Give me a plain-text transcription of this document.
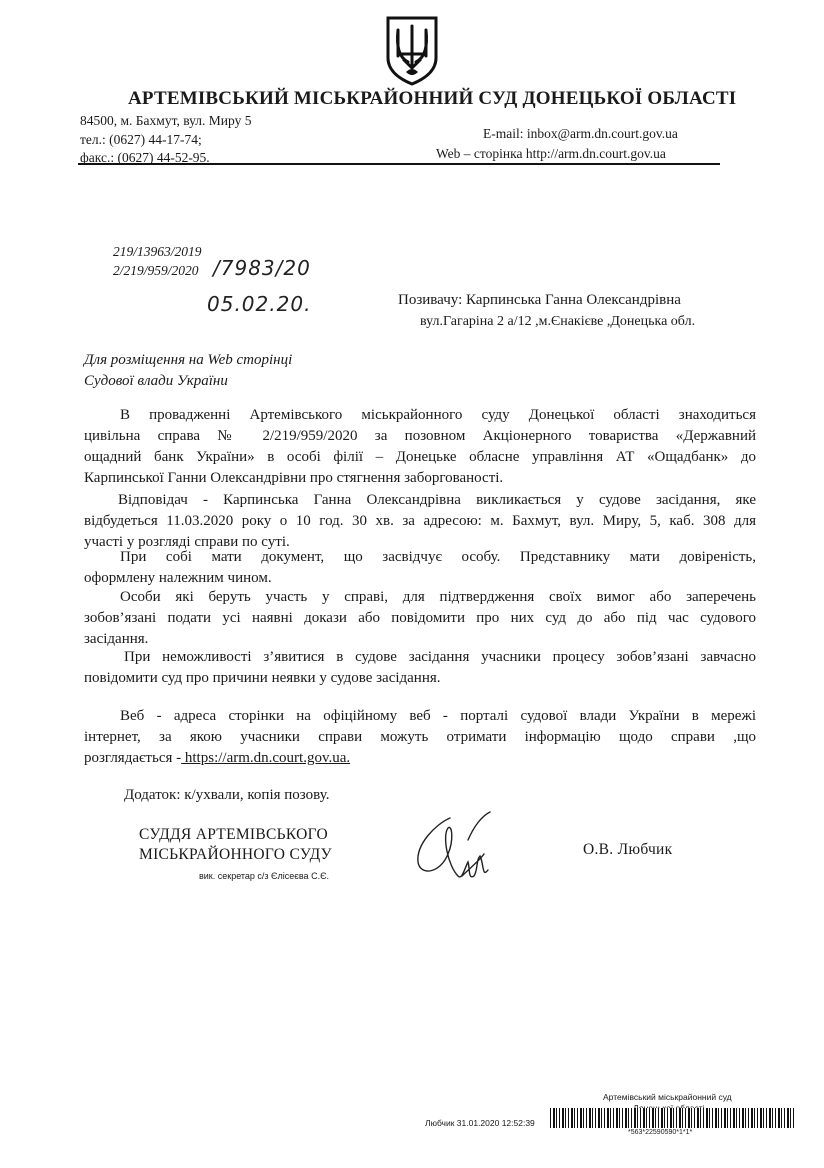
АРТЕМІВСЬКИЙ МІСЬКРАЙОННИЙ СУД ДОНЕЦЬКОЇ ОБЛАСТІ
84500, м. Бахмут, вул. Миру 5
тел.: (0627) 44-17-74;
факс.: (0627) 44-52-95.
E-mail: inbox@arm.dn.court.gov.ua
Web – сторінка http://arm.dn.court.gov.ua
219/13963/2019
2/219/959/2020 /7983/20
05.02.20.	Позивачу: Карпинська Ганна Олександрівна
вул.Гагаріна 2 а/12 ,м.Єнакієве ,Донецька обл.
Для розміщення на Web сторінці
Судової влади України

В провадженні Артемівського міськрайонного суду Донецької області знаходиться

цивільна справа № 2/219/959/2020 за позовном Акціонерного товариства «Державний

ощадний банк України» в особі філії – Донецьке обласне управління АТ «Ощадбанк» до

Карпинської Ганни Олександрівни про стягнення заборгованості.

Відповідач - Карпинська Ганна Олександрівна викликається у судове засідання, яке

відбудеться 11.03.2020 року о 10 год. 30 хв. за адресою: м. Бахмут, вул. Миру, 5, каб. 308 для

участі у розгляді справи по суті.

При собі мати документ, що засвідчує особу. Представнику мати довіреність,

оформлену належним чином.

Особи які беруть участь у справі, для підтвердження своїх вимог або заперечень

зобов’язані подати усі наявні докази або повідомити про них суд до або під час судового

засідання.

При неможливості з’явитися в судове засідання учасники процесу зобов’язані завчасно

повідомити суд про причини неявки у судове засідання.

Веб - адреса сторінки на офіційному веб - порталі судової влади України в мережі

інтернет, за якою учасники справи можуть отримати інформацію щодо справи ,що

розглядається - https://arm.dn.court.gov.ua.

Додаток: к/ухвали, копія позову.
СУДДЯ АРТЕМІВСЬКОГО
МІСЬКРАЙОННОГО СУДУ
вик. секретар с/з Єлісеєва С.Є.
О.В. Любчик
Артемівський міськрайонний суд
Любчик 31.01.2020 12:52:39
*563*22590590*1*1*
